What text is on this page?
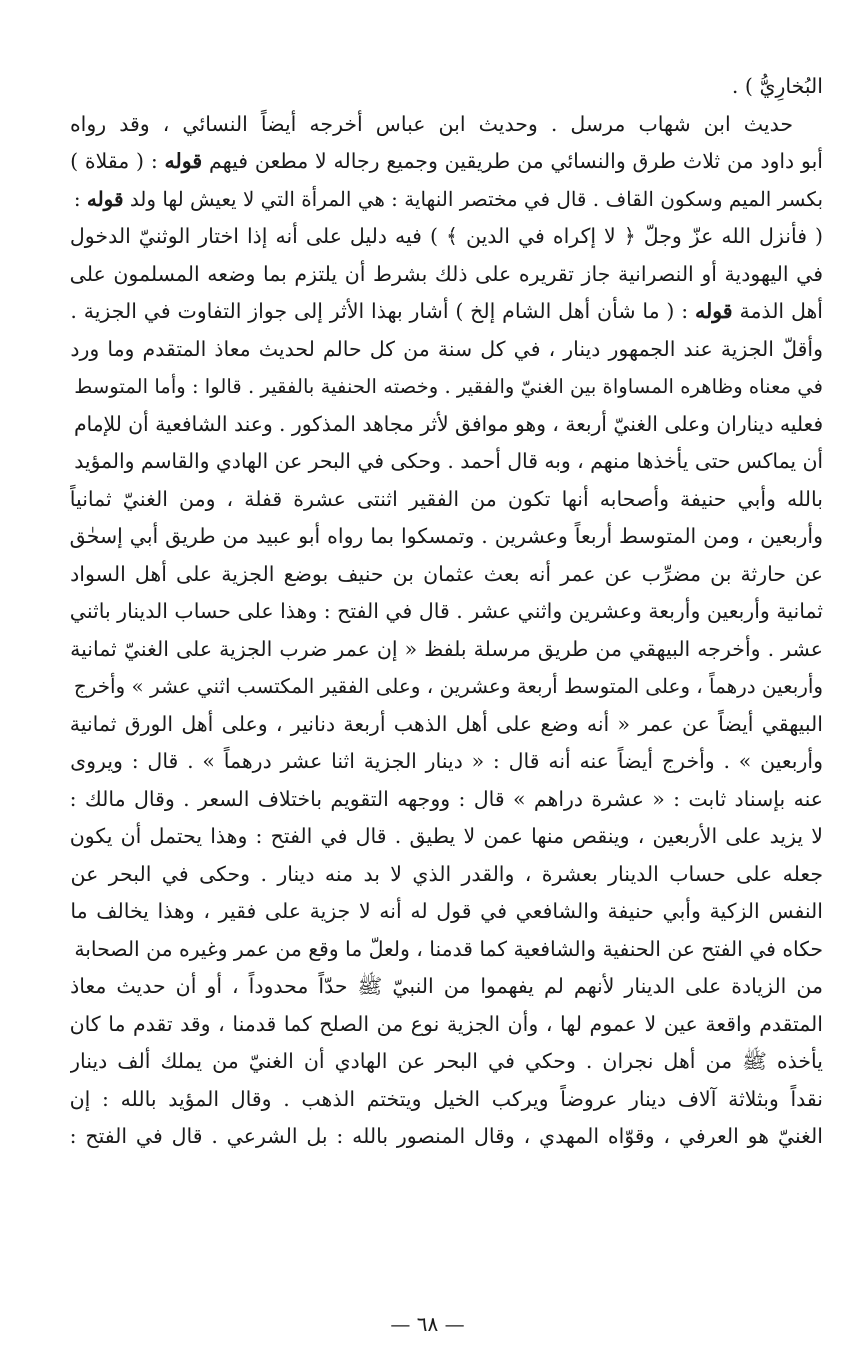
البُخارِيُّ ) .
حديث ابن شهاب مرسل . وحديث ابن عباس أخرجه أيضاً النسائي ، وقد رواه
أبو داود من ثلاث طرق والنسائي من طريقين وجميع رجاله لا مطعن فيهم قوله : ( مقلاة )
بكسر الميم وسكون القاف . قال في مختصر النهاية : هي المرأة التي لا يعيش لها ولد قوله :
( فأنزل الله عزّ وجلّ ﴿ لا إكراه في الدين ﴾ ) فيه دليل على أنه إذا اختار الوثنيّ الدخول
في اليهودية أو النصرانية جاز تقريره على ذلك بشرط أن يلتزم بما وضعه المسلمون على
أهل الذمة قوله : ( ما شأن أهل الشام إلخ ) أشار بهذا الأثر إلى جواز التفاوت في الجزية .
وأقلّ الجزية عند الجمهور دينار ، في كل سنة من كل حالم لحديث معاذ المتقدم وما ورد
في معناه وظاهره المساواة بين الغنيّ والفقير . وخصته الحنفية بالفقير . قالوا : وأما المتوسط
فعليه ديناران وعلى الغنيّ أربعة ، وهو موافق لأثر مجاهد المذكور . وعند الشافعية أن للإمام
أن يماكس حتى يأخذها منهم ، وبه قال أحمد . وحكى في البحر عن الهادي والقاسم والمؤيد
بالله وأبي حنيفة وأصحابه أنها تكون من الفقير اثنتى عشرة قفلة ، ومن الغنيّ ثمانياً
وأربعين ، ومن المتوسط أربعاً وعشرين . وتمسكوا بما رواه أبو عبيد من طريق أبي إسحٰق
عن حارثة بن مضرِّب عن عمر أنه بعث عثمان بن حنيف بوضع الجزية على أهل السواد
ثمانية وأربعين وأربعة وعشرين واثني عشر . قال في الفتح : وهذا على حساب الدينار باثني
عشر . وأخرجه البيهقي من طريق مرسلة بلفظ « إن عمر ضرب الجزية على الغنيّ ثمانية
وأربعين درهماً ، وعلى المتوسط أربعة وعشرين ، وعلى الفقير المكتسب اثني عشر » وأخرج
البيهقي أيضاً عن عمر « أنه وضع على أهل الذهب أربعة دنانير ، وعلى أهل الورق ثمانية
وأربعين » . وأخرج أيضاً عنه أنه قال : « دينار الجزية اثنا عشر درهماً » . قال : ويروى
عنه بإسناد ثابت : « عشرة دراهم » قال : ووجهه التقويم باختلاف السعر . وقال مالك :
لا يزيد على الأربعين ، وينقص منها عمن لا يطيق . قال في الفتح : وهذا يحتمل أن يكون
جعله على حساب الدينار بعشرة ، والقدر الذي لا بد منه دينار . وحكى في البحر عن
النفس الزكية وأبي حنيفة والشافعي في قول له أنه لا جزية على فقير ، وهذا يخالف ما
حكاه في الفتح عن الحنفية والشافعية كما قدمنا ، ولعلّ ما وقع من عمر وغيره من الصحابة
من الزيادة على الدينار لأنهم لم يفهموا من النبيّ ﷺ حدّاً محدوداً ، أو أن حديث معاذ
المتقدم واقعة عين لا عموم لها ، وأن الجزية نوع من الصلح كما قدمنا ، وقد تقدم ما كان
يأخذه ﷺ من أهل نجران . وحكي في البحر عن الهادي أن الغنيّ من يملك ألف دينار
نقداً وبثلاثة آلاف دينار عروضاً ويركب الخيل ويتختم الذهب . وقال المؤيد بالله : إن
الغنيّ هو العرفي ، وقوّاه المهدي ، وقال المنصور بالله : بل الشرعي . قال في الفتح :
— ٦٨ —
